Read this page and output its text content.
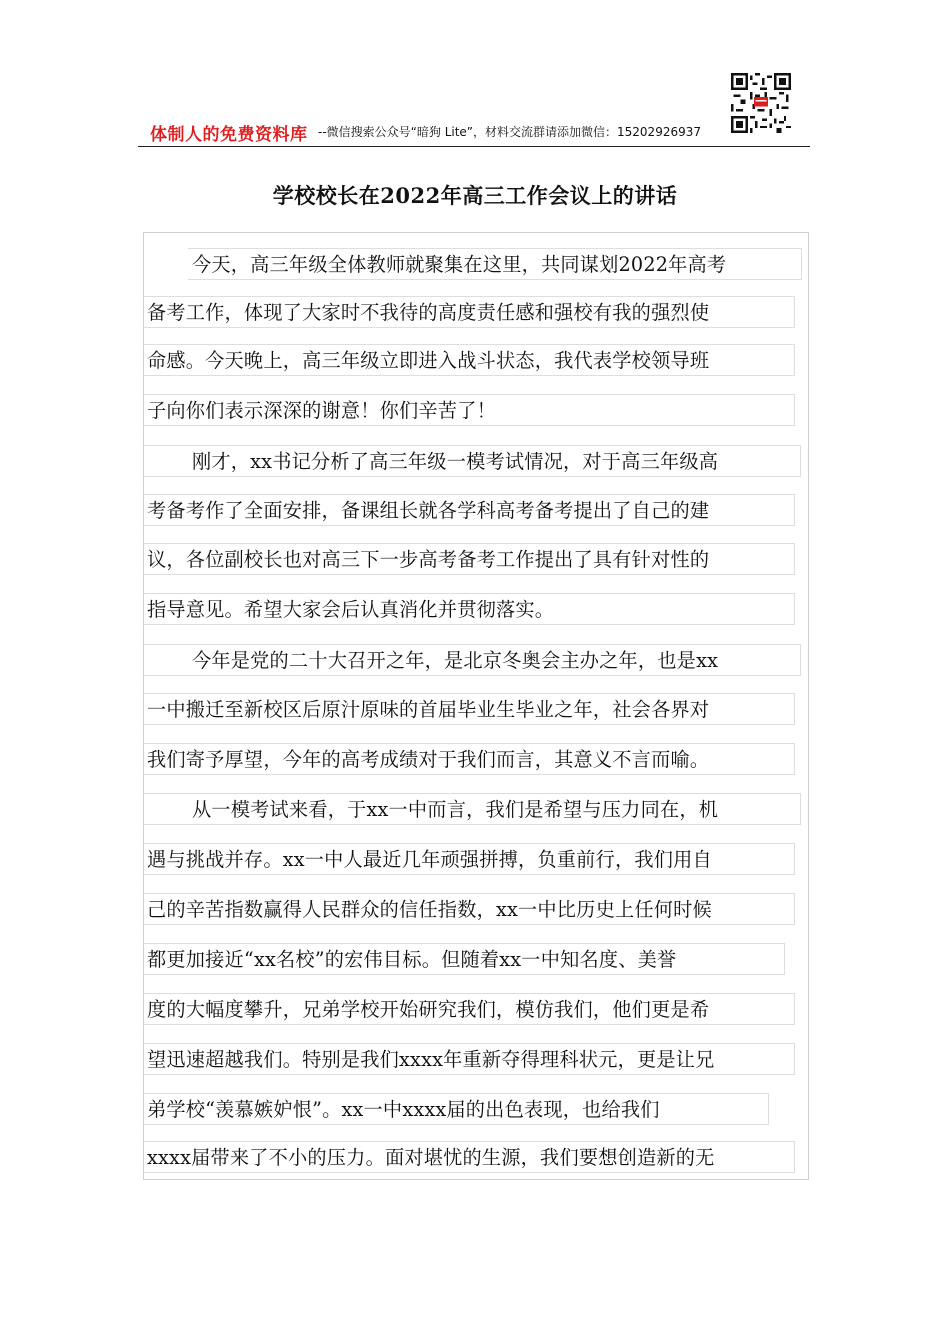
体制人的免费资料库 --微信搜索公众号“暗狗 Lite”，材料交流群请添加微信：15202926937
学校校长在2022年高三工作会议上的讲话
今天，高三年级全体教师就聚集在这里，共同谋划2022年高考
备考工作，体现了大家时不我待的高度责任感和强校有我的强烈使
命感。今天晚上，高三年级立即进入战斗状态，我代表学校领导班
子向你们表示深深的谢意！你们辛苦了！
刚才，xx书记分析了高三年级一模考试情况，对于高三年级高
考备考作了全面安排，备课组长就各学科高考备考提出了自己的建
议，各位副校长也对高三下一步高考备考工作提出了具有针对性的
指导意见。希望大家会后认真消化并贯彻落实。
今年是党的二十大召开之年，是北京冬奥会主办之年，也是xx
一中搬迁至新校区后原汁原味的首届毕业生毕业之年，社会各界对
我们寄予厚望，今年的高考成绩对于我们而言，其意义不言而喻。
从一模考试来看，于xx一中而言，我们是希望与压力同在，机
遇与挑战并存。xx一中人最近几年顽强拼搏，负重前行，我们用自
己的辛苦指数赢得人民群众的信任指数，xx一中比历史上任何时候
都更加接近“xx名校”的宏伟目标。但随着xx一中知名度、美誉
度的大幅度攀升，兄弟学校开始研究我们，模仿我们，他们更是希
望迅速超越我们。特别是我们xxxx年重新夺得理科状元，更是让兄
弟学校“羡慕嫉妒恨”。xx一中xxxx届的出色表现，也给我们
xxxx届带来了不小的压力。面对堪忧的生源，我们要想创造新的无
